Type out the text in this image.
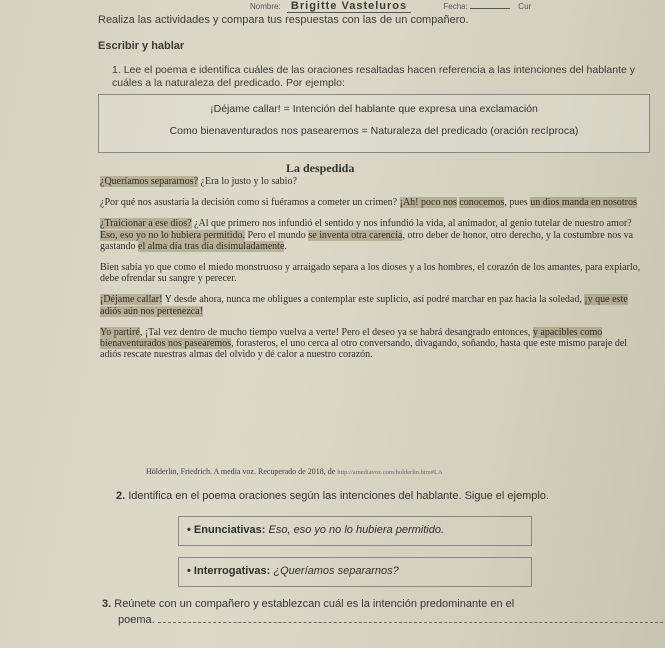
Nombre: Brigitte Vasteluros	Fecha:	Cur
Realiza las actividades y compara tus respuestas con las de un compañero.
Escribir y hablar
1. Lee el poema e identifica cuáles de las oraciones resaltadas hacen referencia a las intenciones del hablante y cuáles a la naturaleza del predicado. Por ejemplo:
¡Déjame callar! = Intención del hablante que expresa una exclamación
Como bienaventurados nos pasearemos = Naturaleza del predicado (oración recíproca)
La despedida

¿Queríamos separarnos? ¿Era lo justo y lo sabio?

¿Por qué nos asustaría la decisión como si fuéramos a cometer un crimen? ¡Ah! poco nos conocemos, pues un dios manda en nosotros

¿Traicionar a ese dios? ¿Al que primero nos infundió el sentido y nos infundió la vida, al animador, al genio tutelar de nuestro amor? Eso, eso yo no lo hubiera permitido. Pero el mundo se inventa otra carencia, otro deber de honor, otro derecho, y la costumbre nos va gastando el alma día tras día disimuladamente.

Bien sabía yo que como el miedo monstruoso y arraigado separa a los dioses y a los hombres, el corazón de los amantes, para expiarlo, debe ofrendar su sangre y perecer.

¡Déjame callar! Y desde ahora, nunca me obligues a contemplar este suplicio, así podré marchar en paz hacia la soledad, ¡y que este adiós aún nos pertenezca!

Yo partiré, ¡Tal vez dentro de mucho tiempo vuelva a verte! Pero el deseo ya se habrá desangrado entonces, y apacibles como bienaventurados nos pasearemos, forasteros, el uno cerca al otro conversando, divagando, soñando, hasta que este mismo paraje del adiós rescate nuestras almas del olvido y dé calor a nuestro corazón.

Hölderlin, Friedrich. A media voz. Recuperado de 2018, de http://amediavoz.com/holderlin.htm#LA
2. Identifica en el poema oraciones según las intenciones del hablante. Sigue el ejemplo.
• Enunciativas: Eso, eso yo no lo hubiera permitido.
• Interrogativas: ¿Queríamos separarnos?
3. Reúnete con un compañero y establezcan cuál es la intención predominante en el
poema.
